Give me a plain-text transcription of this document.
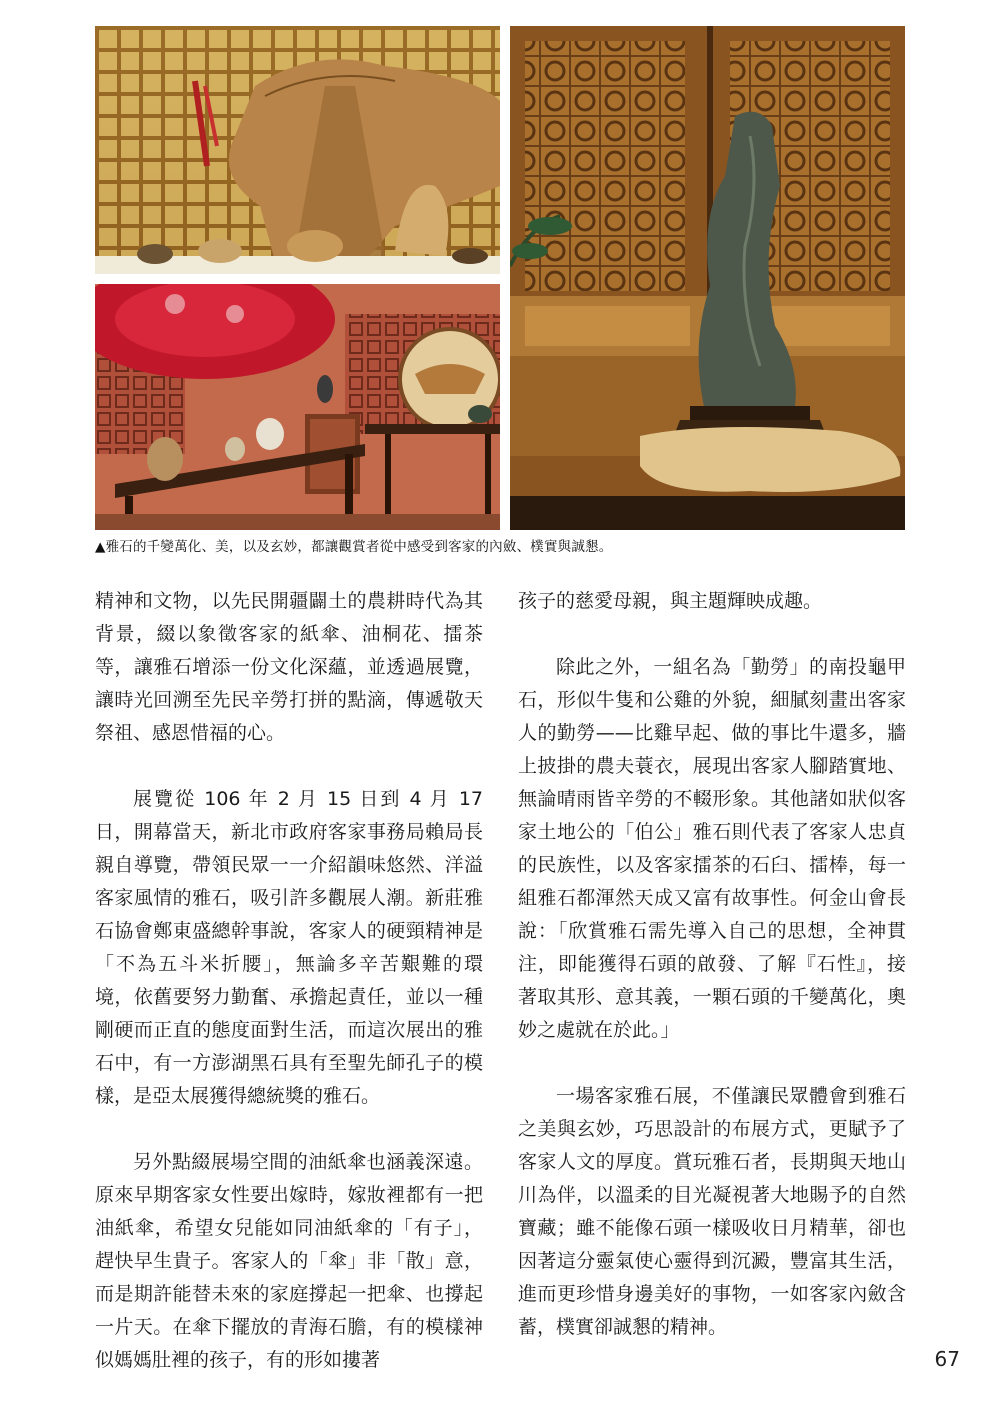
▲雅石的千變萬化、美，以及玄妙，都讓觀賞者從中感受到客家的內斂、樸實與誠懇。

精神和文物，以先民開疆闢土的農耕時代為其背景，綴以象徵客家的紙傘、油桐花、擂茶等，讓雅石增添一份文化深蘊，並透過展覽，讓時光回溯至先民辛勞打拼的點滴，傳遞敬天祭祖、感恩惜福的心。

展覽從 106 年 2 月 15 日到 4 月 17 日，開幕當天，新北市政府客家事務局賴局長親自導覽，帶領民眾一一介紹韻味悠然、洋溢客家風情的雅石，吸引許多觀展人潮。新莊雅石協會鄭東盛總幹事說，客家人的硬頸精神是「不為五斗米折腰」，無論多辛苦艱難的環境，依舊要努力勤奮、承擔起責任，並以一種剛硬而正直的態度面對生活，而這次展出的雅石中，有一方澎湖黑石具有至聖先師孔子的模樣，是亞太展獲得總統獎的雅石。

另外點綴展場空間的油紙傘也涵義深遠。原來早期客家女性要出嫁時，嫁妝裡都有一把油紙傘，希望女兒能如同油紙傘的「有子」，趕快早生貴子。客家人的「傘」非「散」意，而是期許能替未來的家庭撐起一把傘、也撐起一片天。在傘下擺放的青海石膽，有的模樣神似媽媽肚裡的孩子，有的形如摟著

孩子的慈愛母親，與主題輝映成趣。

除此之外，一組名為「勤勞」的南投龜甲石，形似牛隻和公雞的外貌，細膩刻畫出客家人的勤勞——比雞早起、做的事比牛還多，牆上披掛的農夫蓑衣，展現出客家人腳踏實地、無論晴雨皆辛勞的不輟形象。其他諸如狀似客家土地公的「伯公」雅石則代表了客家人忠貞的民族性，以及客家擂茶的石臼、擂棒，每一組雅石都渾然天成又富有故事性。何金山會長說：「欣賞雅石需先導入自己的思想，全神貫注，即能獲得石頭的啟發、了解『石性』，接著取其形、意其義，一顆石頭的千變萬化，奧妙之處就在於此。」

一場客家雅石展，不僅讓民眾體會到雅石之美與玄妙，巧思設計的布展方式，更賦予了客家人文的厚度。賞玩雅石者，長期與天地山川為伴，以溫柔的目光凝視著大地賜予的自然寶藏；雖不能像石頭一樣吸收日月精華，卻也因著這分靈氣使心靈得到沉澱，豐富其生活，進而更珍惜身邊美好的事物，一如客家內斂含蓄，樸實卻誠懇的精神。

67
